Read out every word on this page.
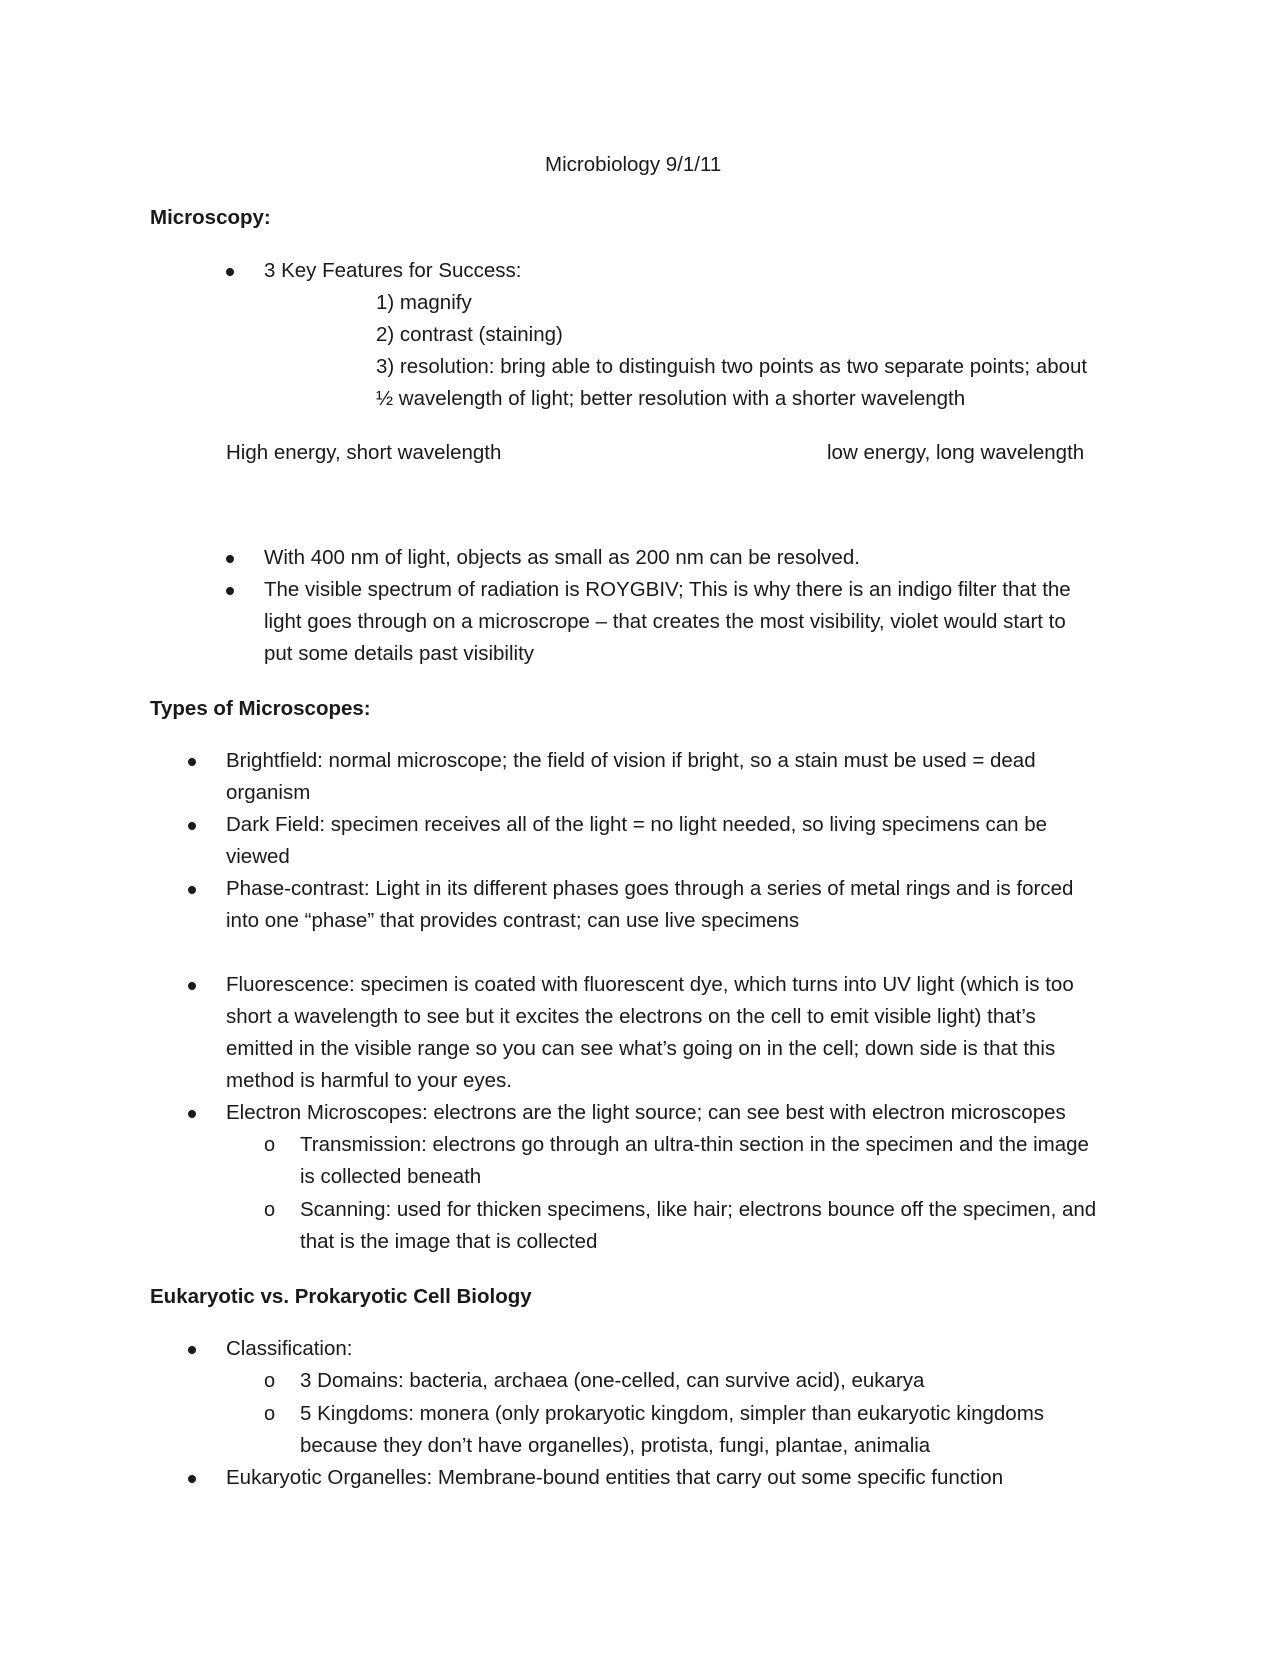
Microbiology 9/1/11
Microscopy:
3 Key Features for Success:
1) magnify
2) contrast (staining)
3) resolution: bring able to distinguish two points as two separate points; about
½ wavelength of light; better resolution with a shorter wavelength
High energy, short wavelength	low energy, long wavelength
With 400 nm of light, objects as small as 200 nm can be resolved.
The visible spectrum of radiation is ROYGBIV; This is why there is an indigo filter that the
light goes through on a microscrope – that creates the most visibility, violet would start to
put some details past visibility
Types of Microscopes:
Brightfield: normal microscope; the field of vision if bright, so a stain must be used = dead
organism
Dark Field: specimen receives all of the light = no light needed, so living specimens can be
viewed
Phase-contrast: Light in its different phases goes through a series of metal rings and is forced
into one “phase” that provides contrast; can use live specimens
Fluorescence: specimen is coated with fluorescent dye, which turns into UV light (which is too
short a wavelength to see but it excites the electrons on the cell to emit visible light) that’s
emitted in the visible range so you can see what’s going on in the cell; down side is that this
method is harmful to your eyes.
Electron Microscopes: electrons are the light source; can see best with electron microscopes
o Transmission: electrons go through an ultra-thin section in the specimen and the image
is collected beneath
o Scanning: used for thicken specimens, like hair; electrons bounce off the specimen, and
that is the image that is collected
Eukaryotic vs. Prokaryotic Cell Biology
Classification:
o 3 Domains: bacteria, archaea (one-celled, can survive acid), eukarya
o 5 Kingdoms: monera (only prokaryotic kingdom, simpler than eukaryotic kingdoms
because they don’t have organelles), protista, fungi, plantae, animalia
Eukaryotic Organelles: Membrane-bound entities that carry out some specific function
